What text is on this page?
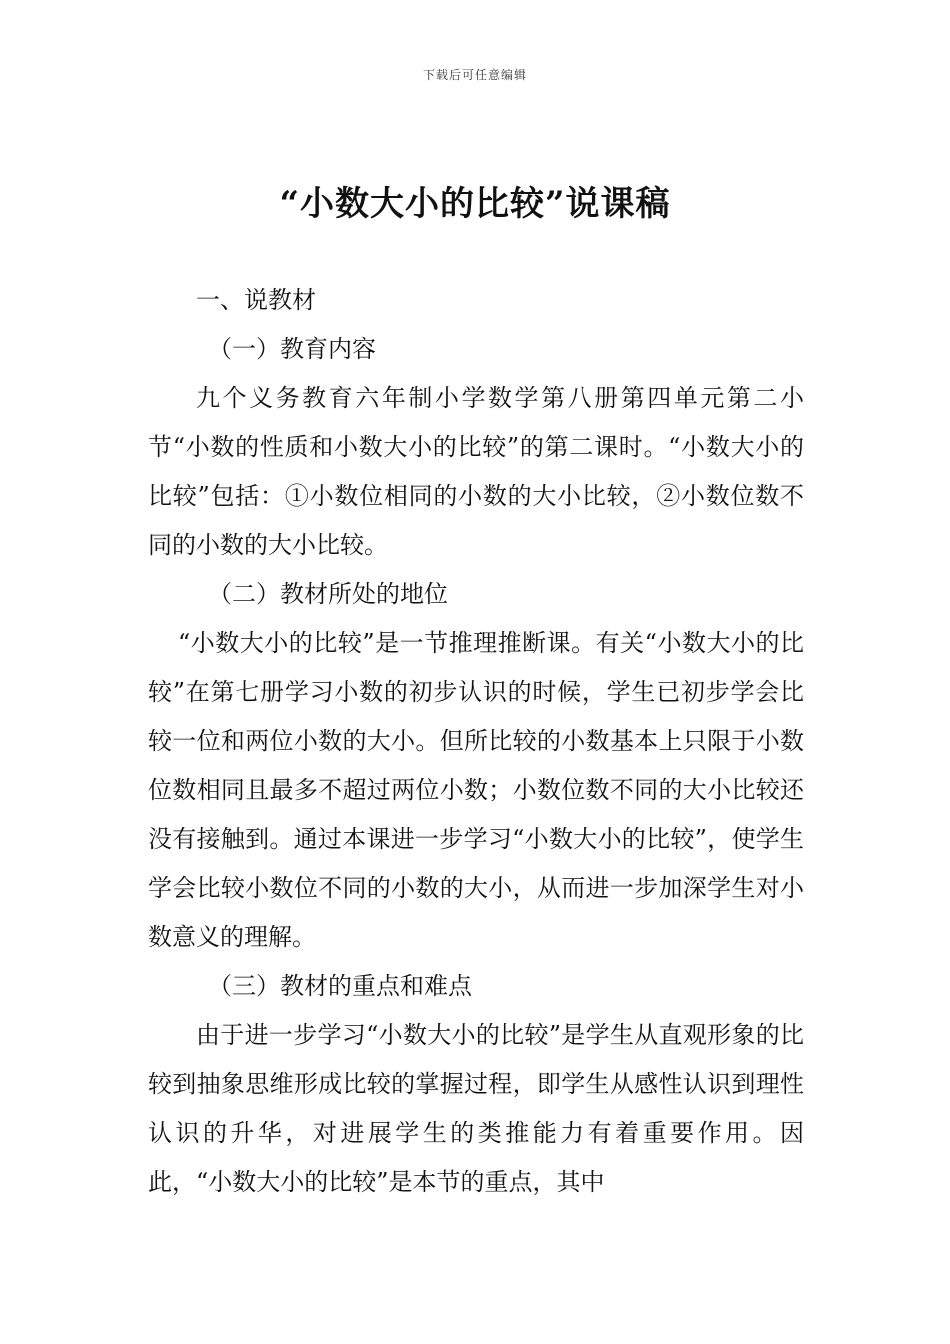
下载后可任意编辑
“小数大小的比较”说课稿

一、说教材

（一）教育内容

九个义务教育六年制小学数学第八册第四单元第二小节“小数的性质和小数大小的比较”的第二课时。“小数大小的比较”包括：①小数位相同的小数的大小比较，②小数位数不同的小数的大小比较。

（二）教材所处的地位

“小数大小的比较”是一节推理推断课。有关“小数大小的比较”在第七册学习小数的初步认识的时候，学生已初步学会比较一位和两位小数的大小。但所比较的小数基本上只限于小数位数相同且最多不超过两位小数；小数位数不同的大小比较还没有接触到。通过本课进一步学习“小数大小的比较”，使学生学会比较小数位不同的小数的大小，从而进一步加深学生对小数意义的理解。

（三）教材的重点和难点

由于进一步学习“小数大小的比较”是学生从直观形象的比较到抽象思维形成比较的掌握过程，即学生从感性认识到理性认识的升华，对进展学生的类推能力有着重要作用。因此，“小数大小的比较”是本节的重点，其中
